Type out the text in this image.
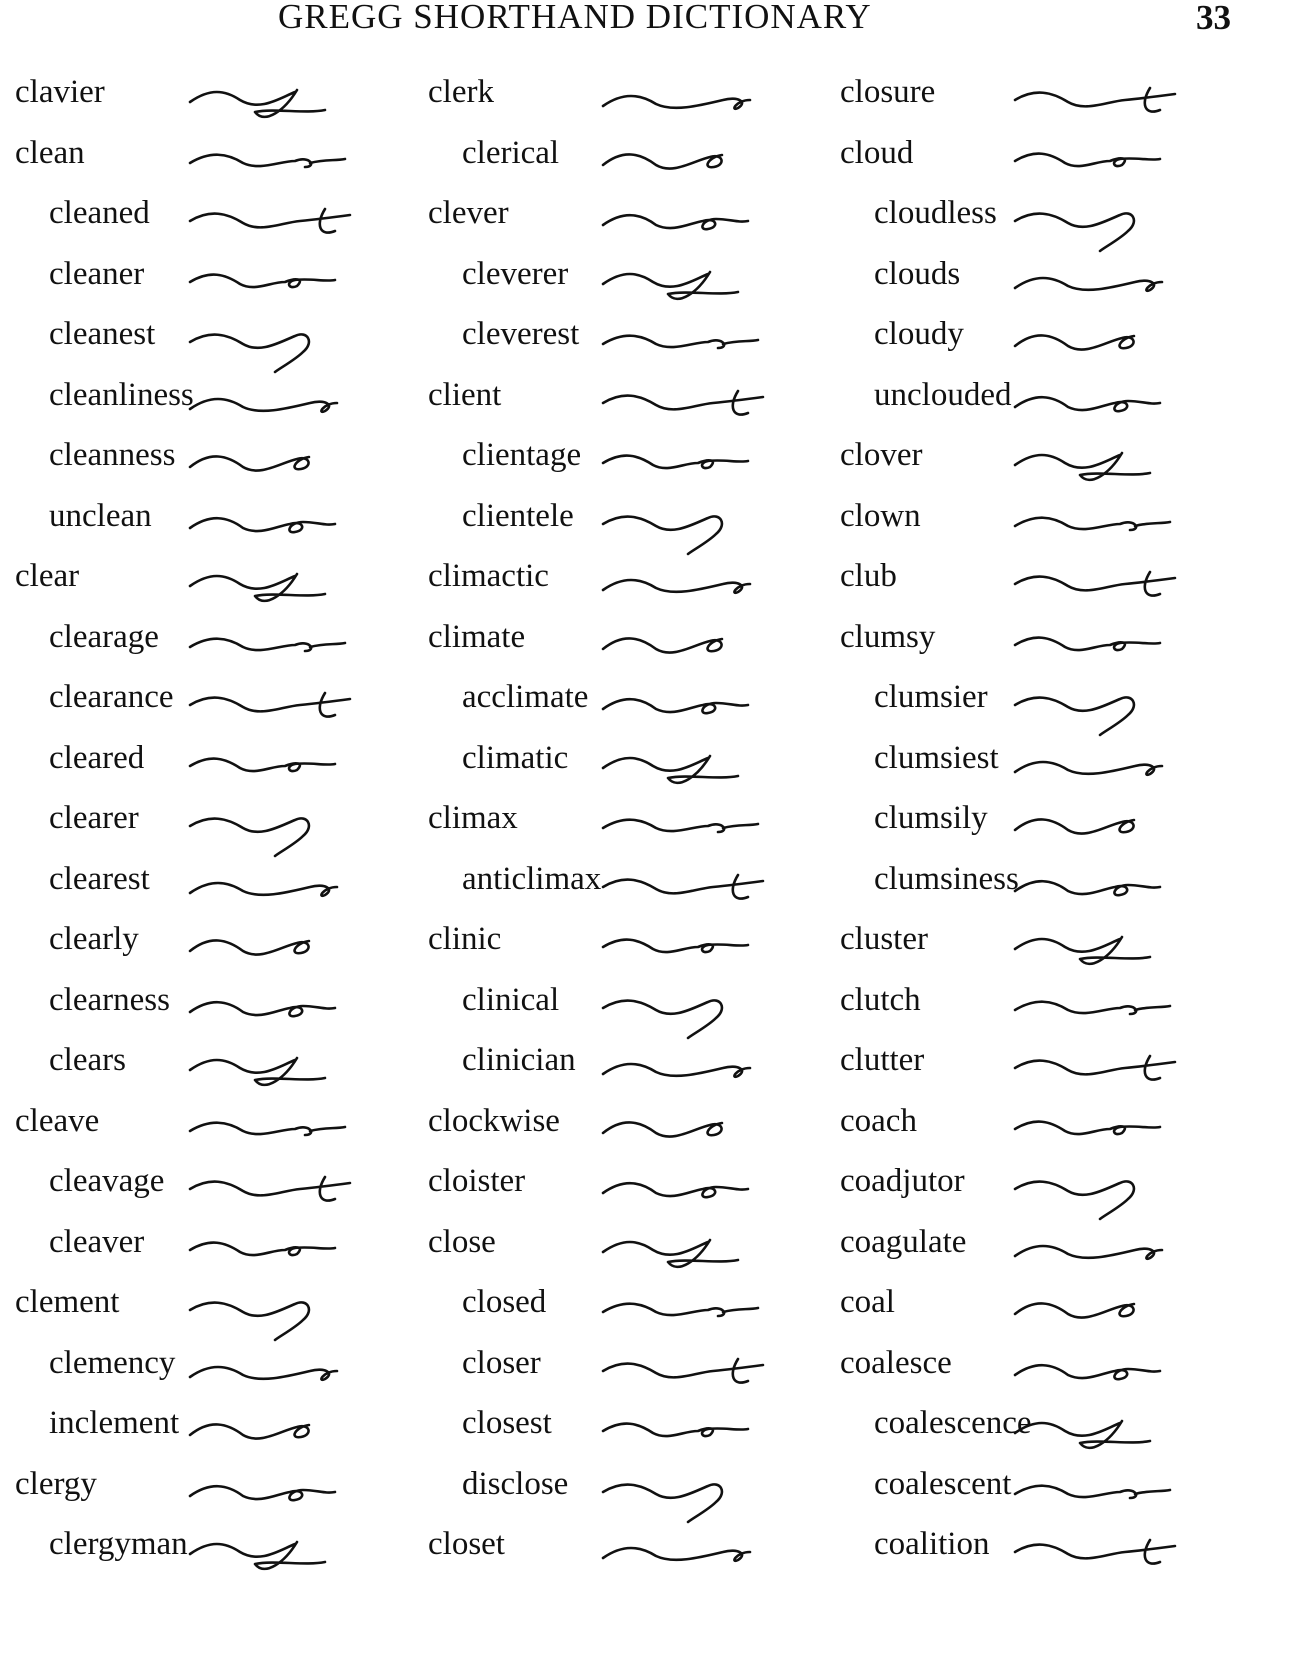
GREGG SHORTHAND DICTIONARY	33
clavier
clean
cleaned
cleaner
cleanest
cleanliness
cleanness
unclean
clear
clearage
clearance
cleared
clearer
clearest
clearly
clearness
clears
cleave
cleavage
cleaver
clement
clemency
inclement
clergy
clergyman
clerk
clerical
clever
cleverer
cleverest
client
clientage
clientele
climactic
climate
acclimate
climatic
climax
anticlimax
clinic
clinical
clinician
clockwise
cloister
close
closed
closer
closest
disclose
closet
closure
cloud
cloudless
clouds
cloudy
unclouded
clover
clown
club
clumsy
clumsier
clumsiest
clumsily
clumsiness
cluster
clutch
clutter
coach
coadjutor
coagulate
coal
coalesce
coalescence
coalescent
coalition
